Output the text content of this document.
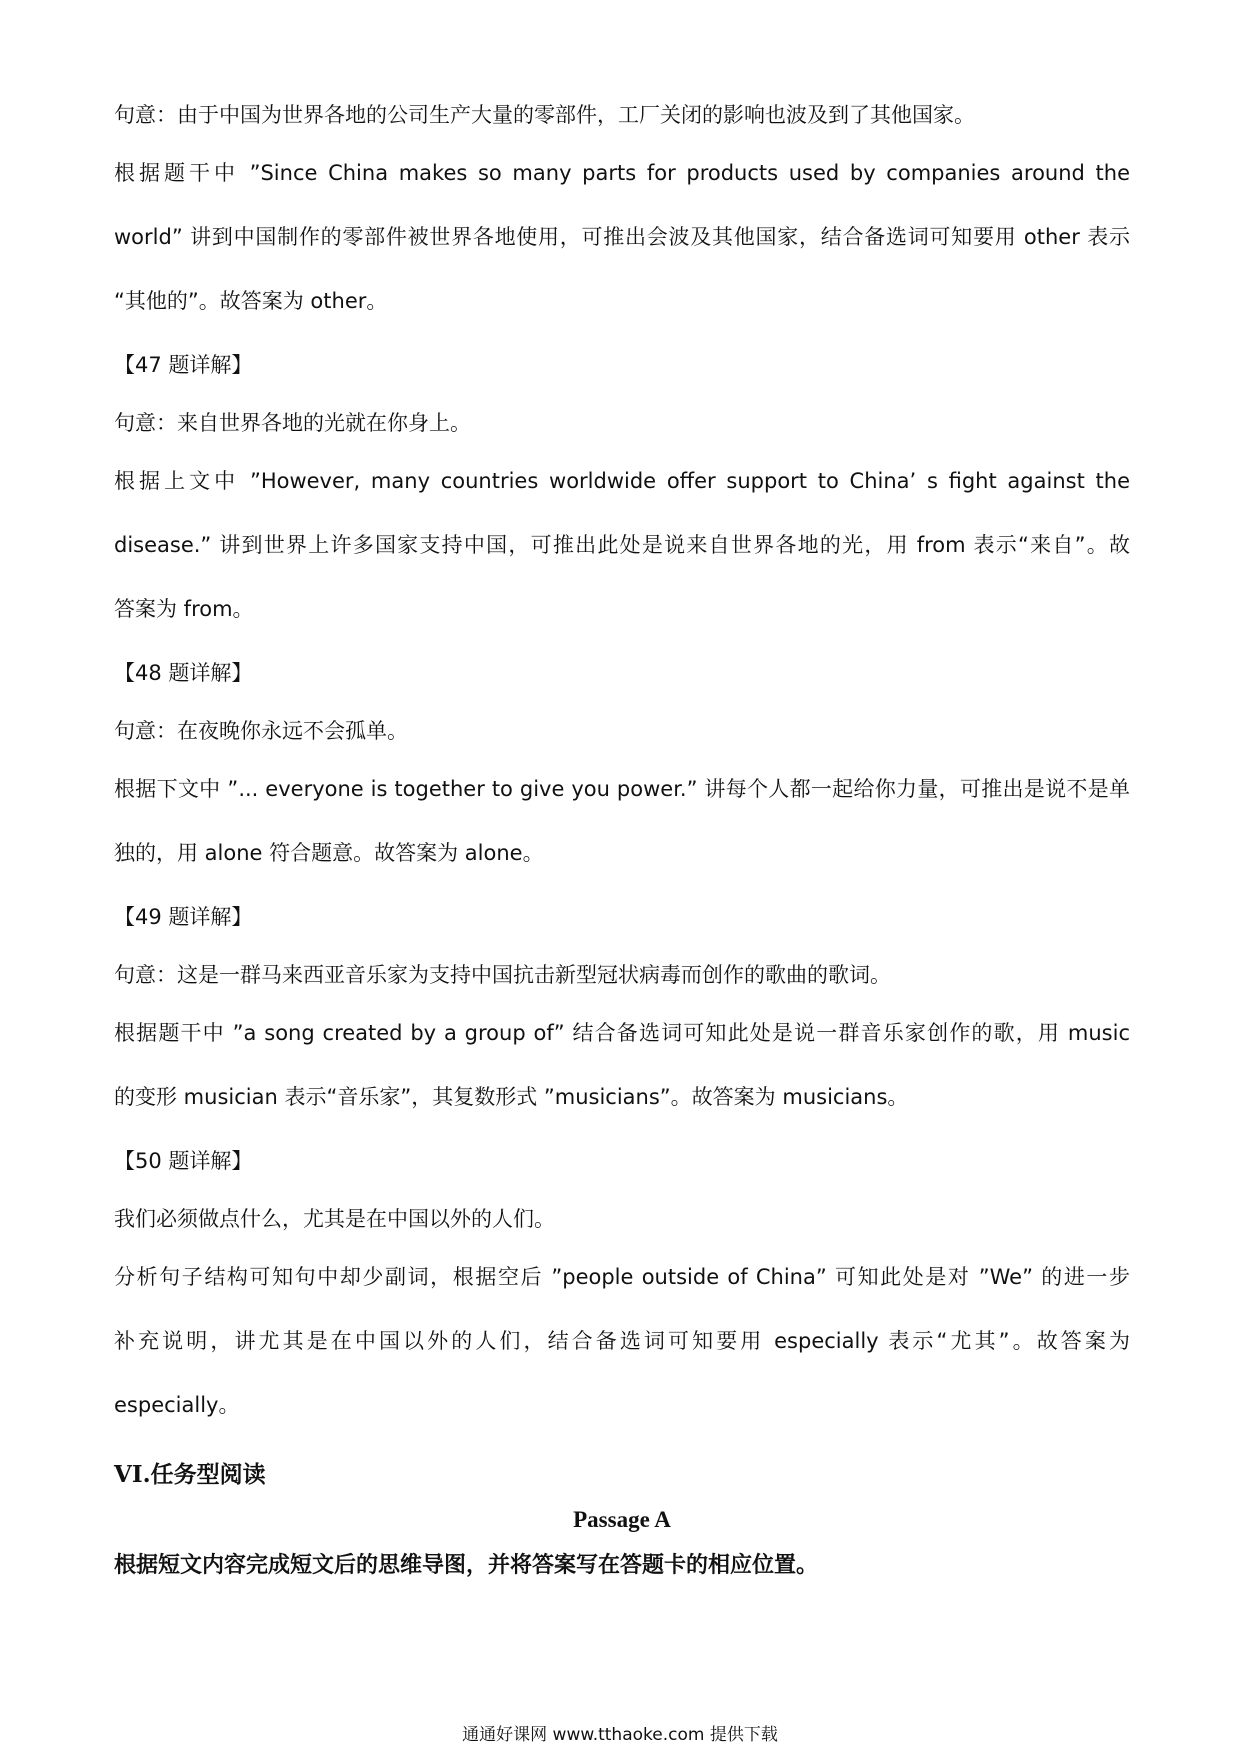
句意：由于中国为世界各地的公司生产大量的零部件，工厂关闭的影响也波及到了其他国家。
根据题干中 ”Since China makes so many parts for products used by companies around the
world” 讲到中国制作的零部件被世界各地使用，可推出会波及其他国家，结合备选词可知要用 other 表示
“其他的”。故答案为 other。
【47 题详解】
句意：来自世界各地的光就在你身上。
根据上文中 ”However, many countries worldwide offer support to China’ s fight against the
disease.” 讲到世界上许多国家支持中国，可推出此处是说来自世界各地的光，用 from 表示“来自”。故
答案为 from。
【48 题详解】
句意：在夜晚你永远不会孤单。
根据下文中 ”... everyone is together to give you power.” 讲每个人都一起给你力量，可推出是说不是单
独的，用 alone 符合题意。故答案为 alone。
【49 题详解】
句意：这是一群马来西亚音乐家为支持中国抗击新型冠状病毒而创作的歌曲的歌词。
根据题干中 ”a song created by a group of” 结合备选词可知此处是说一群音乐家创作的歌，用 music
的变形 musician 表示“音乐家”，其复数形式 ”musicians”。故答案为 musicians。
【50 题详解】
我们必须做点什么，尤其是在中国以外的人们。
分析句子结构可知句中却少副词，根据空后 ”people outside of China” 可知此处是对 ”We” 的进一步
补充说明，讲尤其是在中国以外的人们，结合备选词可知要用 especially 表示“尤其”。故答案为
especially。
VI.任务型阅读
Passage A
根据短文内容完成短文后的思维导图，并将答案写在答题卡的相应位置。
通通好课网 www.tthaoke.com 提供下载
